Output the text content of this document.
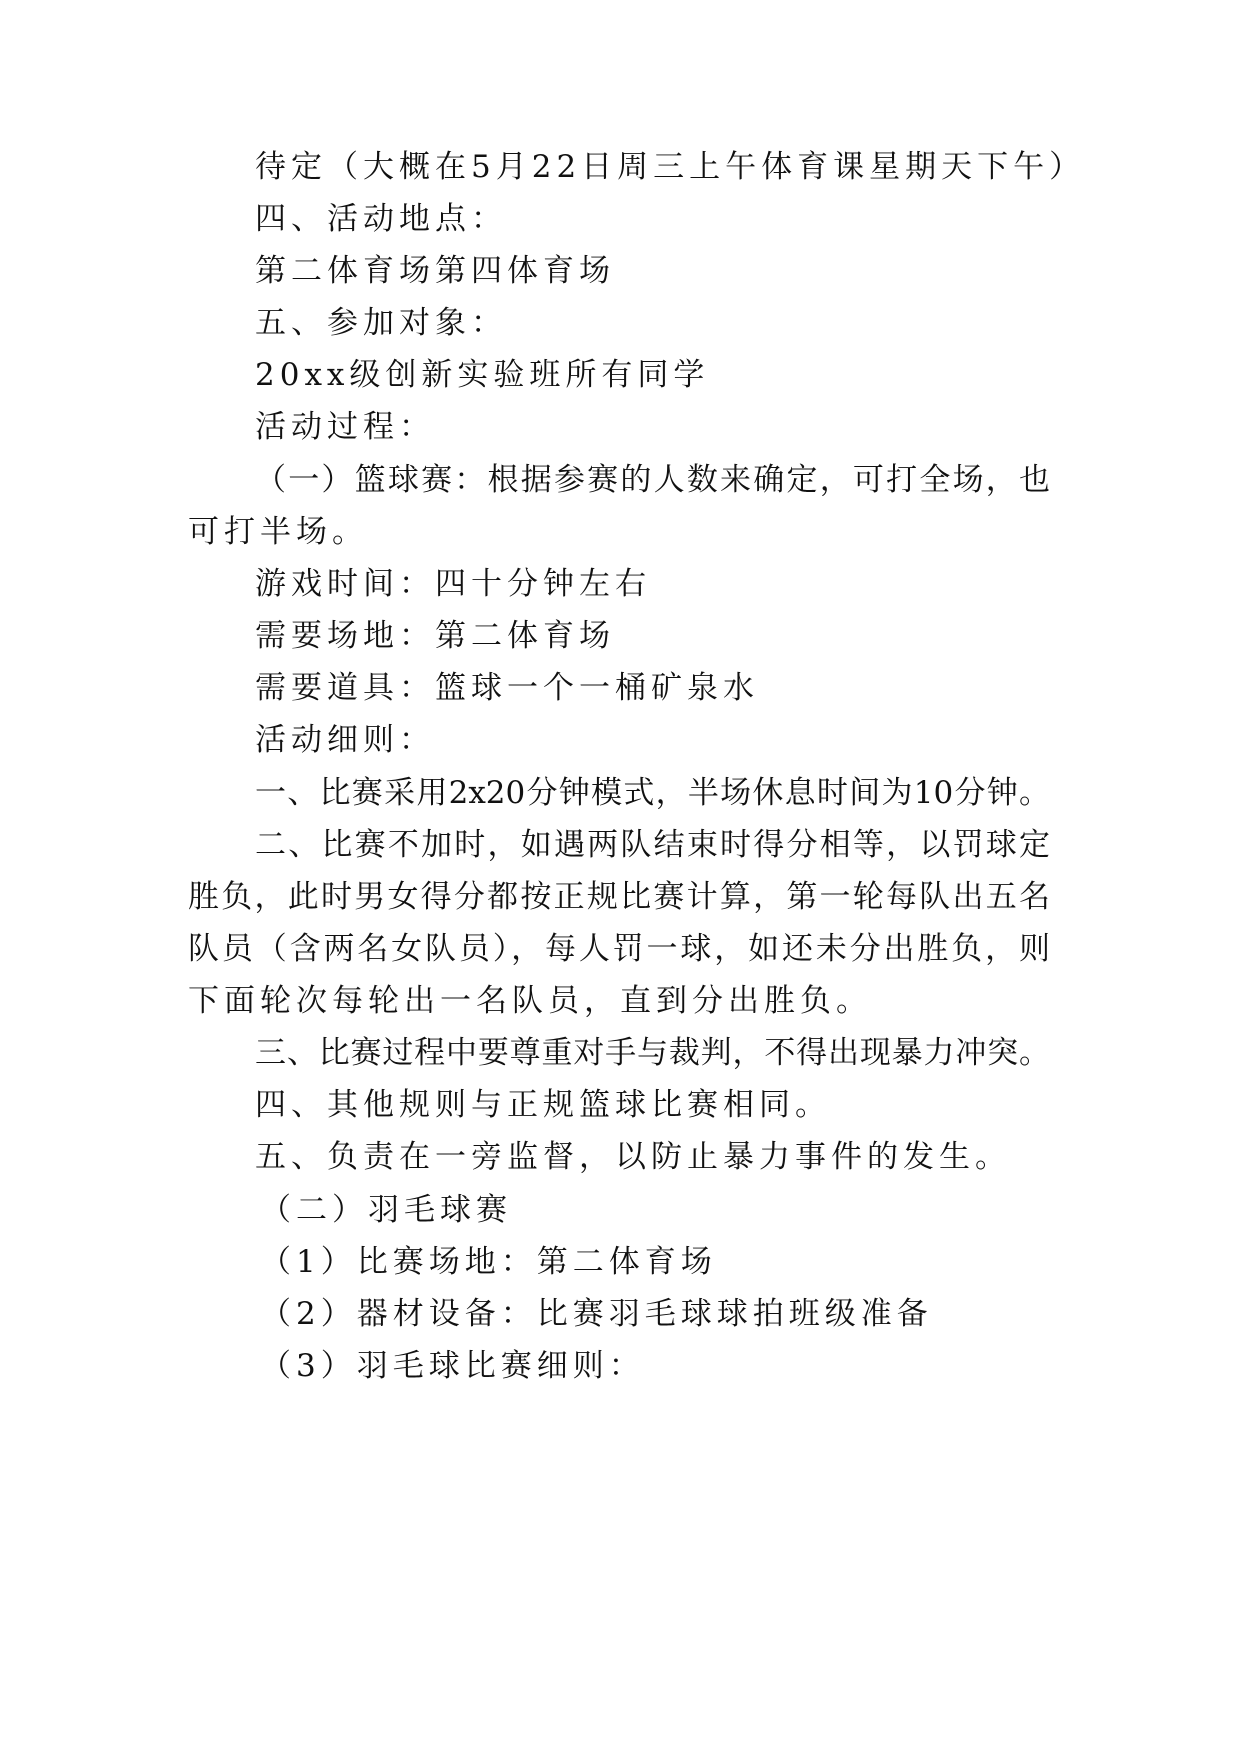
待定（大概在5月22日周三上午体育课星期天下午）
四、活动地点：
第二体育场第四体育场
五、参加对象：
20xx级创新实验班所有同学
活动过程：
（一）篮球赛：根据参赛的人数来确定，可打全场，也
可打半场。
游戏时间：四十分钟左右
需要场地：第二体育场
需要道具：篮球一个一桶矿泉水
活动细则：
一、比赛采用2x20分钟模式，半场休息时间为10分钟。
二、比赛不加时，如遇两队结束时得分相等，以罚球定
胜负，此时男女得分都按正规比赛计算，第一轮每队出五名
队员（含两名女队员），每人罚一球，如还未分出胜负，则
下面轮次每轮出一名队员，直到分出胜负。
三、比赛过程中要尊重对手与裁判，不得出现暴力冲突。
四、其他规则与正规篮球比赛相同。
五、负责在一旁监督，以防止暴力事件的发生。
（二）羽毛球赛
（1）比赛场地：第二体育场
（2）器材设备：比赛羽毛球球拍班级准备
（3）羽毛球比赛细则：
